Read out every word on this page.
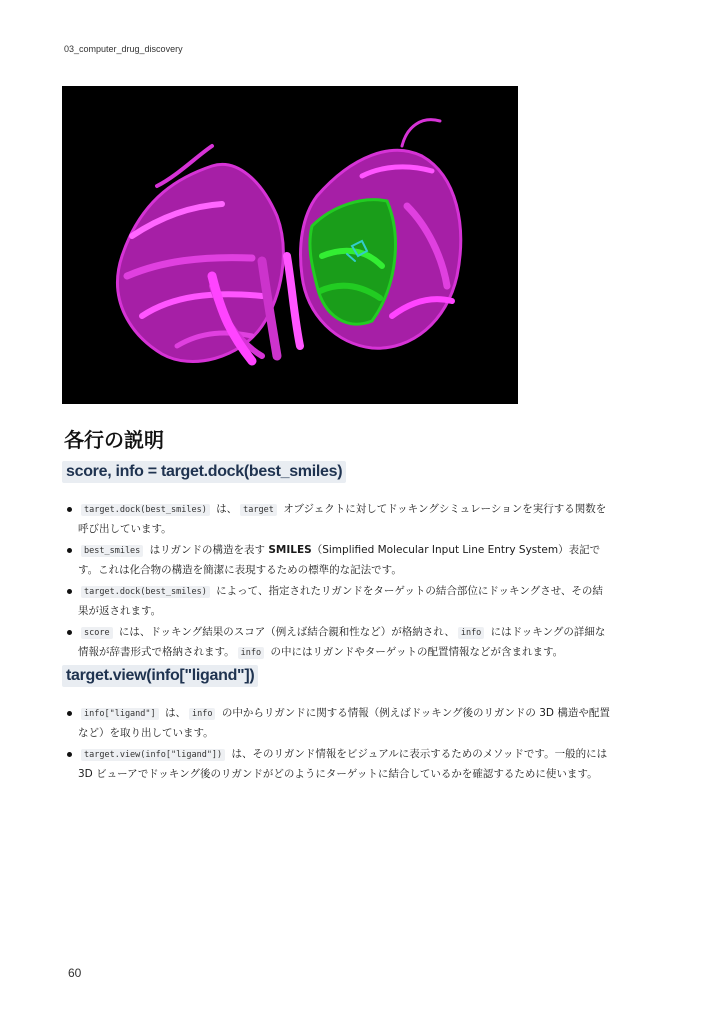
03_computer_drug_discovery
各行の説明
score, info = target.dock(best_smiles)
target.dock(best_smiles) は、 target オブジェクトに対してドッキングシミュレーションを実行する関数を呼び出しています。
best_smiles はリガンドの構造を表す SMILES（Simplified Molecular Input Line Entry System）表記です。これは化合物の構造を簡潔に表現するための標準的な記法です。
target.dock(best_smiles) によって、指定されたリガンドをターゲットの結合部位にドッキングさせ、その結果が返されます。
score には、ドッキング結果のスコア（例えば結合親和性など）が格納され、 info にはドッキングの詳細な情報が辞書形式で格納されます。 info の中にはリガンドやターゲットの配置情報などが含まれます。
target.view(info["ligand"])
info["ligand"] は、 info の中からリガンドに関する情報（例えばドッキング後のリガンドの 3D 構造や配置など）を取り出しています。
target.view(info["ligand"]) は、そのリガンド情報をビジュアルに表示するためのメソッドです。一般的には 3D ビューアでドッキング後のリガンドがどのようにターゲットに結合しているかを確認するために使います。
60
